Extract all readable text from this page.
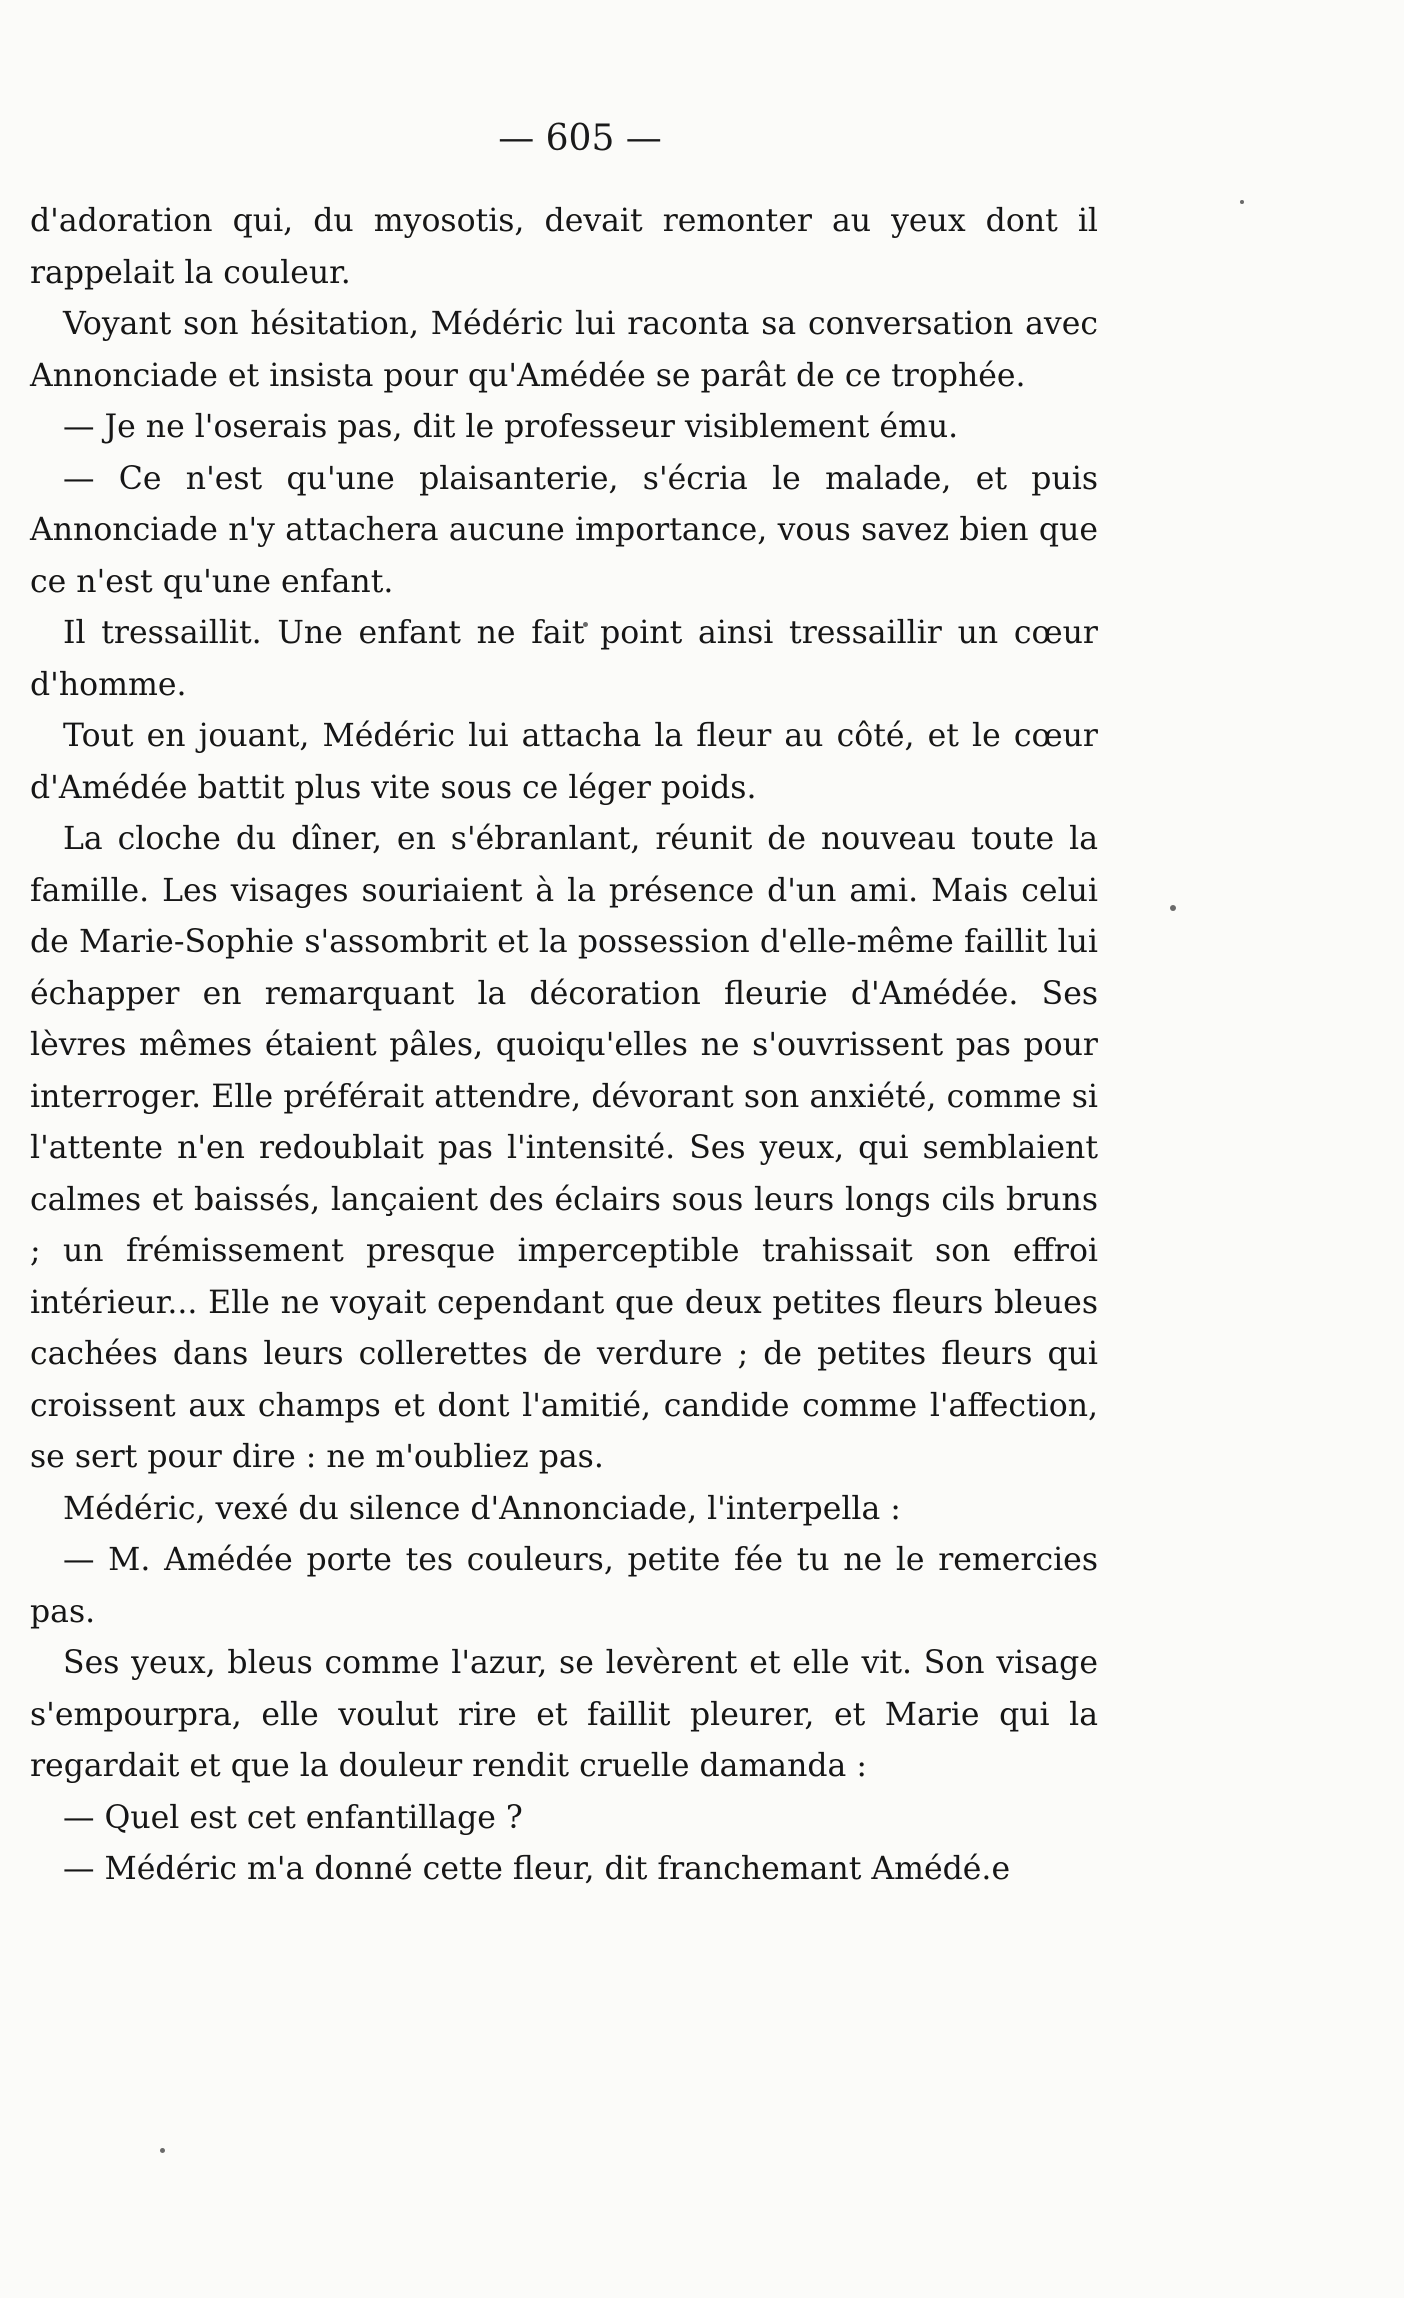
— 605 —

d'adoration qui, du myosotis, devait remonter au yeux dont il rappelait la couleur.

Voyant son hésitation, Médéric lui raconta sa conversation avec Annonciade et insista pour qu'Amédée se parât de ce trophée.

— Je ne l'oserais pas, dit le professeur visiblement ému.

— Ce n'est qu'une plaisanterie, s'écria le malade, et puis Annonciade n'y attachera aucune importance, vous savez bien que ce n'est qu'une enfant.

Il tressaillit. Une enfant ne fait point ainsi tressaillir un cœur d'homme.

Tout en jouant, Médéric lui attacha la fleur au côté, et le cœur d'Amédée battit plus vite sous ce léger poids.

La cloche du dîner, en s'ébranlant, réunit de nouveau toute la famille. Les visages souriaient à la présence d'un ami. Mais celui de Marie-Sophie s'assombrit et la possession d'elle-même faillit lui échapper en remarquant la décoration fleurie d'Amédée. Ses lèvres mêmes étaient pâles, quoiqu'elles ne s'ouvrissent pas pour interroger. Elle préférait attendre, dévorant son anxiété, comme si l'attente n'en redoublait pas l'intensité. Ses yeux, qui semblaient calmes et baissés, lançaient des éclairs sous leurs longs cils bruns ; un frémissement presque imperceptible trahissait son effroi intérieur... Elle ne voyait cependant que deux petites fleurs bleues cachées dans leurs collerettes de verdure ; de petites fleurs qui croissent aux champs et dont l'amitié, candide comme l'affection, se sert pour dire : ne m'oubliez pas.

Médéric, vexé du silence d'Annonciade, l'interpella :

— M. Amédée porte tes couleurs, petite fée tu ne le remercies pas.

Ses yeux, bleus comme l'azur, se levèrent et elle vit. Son visage s'empourpra, elle voulut rire et faillit pleurer, et Marie qui la regardait et que la douleur rendit cruelle damanda :

— Quel est cet enfantillage ?

— Médéric m'a donné cette fleur, dit franchemant Amédé.e
